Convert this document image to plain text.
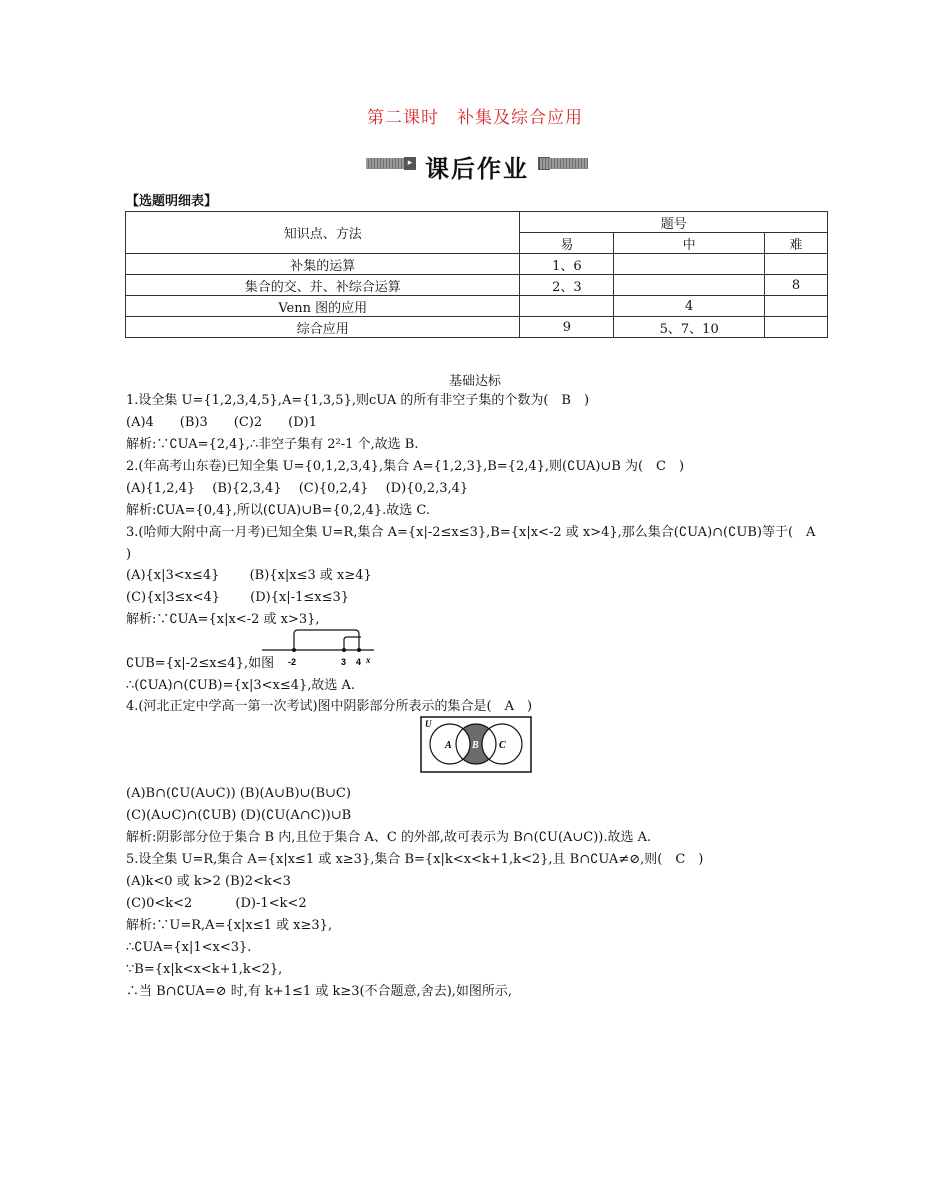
第二课时　补集及综合应用
▸ 课后作业
【选题明细表】
知识点、方法	题号		
	易	中	难
补集的运算	1、6		
集合的交、并、补综合运算	2、3		8
Venn 图的应用		4	
综合应用	9	5、7、10	
基础达标
1.设全集 U={1,2,3,4,5},A={1,3,5},则cUA 的所有非空子集的个数为(　B　)
(A)4　　(B)3　　(C)2　　(D)1
解析:∵∁UA={2,4},∴非空子集有 2²-1 个,故选 B.
2.(年高考山东卷)已知全集 U={0,1,2,3,4},集合 A={1,2,3},B={2,4},则(∁UA)∪B 为(　C　)
(A){1,2,4}　 (B){2,3,4}　 (C){0,2,4}　 (D){0,2,3,4}
解析:∁UA={0,4},所以(∁UA)∪B={0,2,4}.故选 C.
3.(哈师大附中高一月考)已知全集 U=R,集合 A={x|-2≤x≤3},B={x|x<-2 或 x>4},那么集合(∁UA)∩(∁UB)等于(　A
)
(A){x|3<x≤4}　　 (B){x|x≤3 或 x≥4}
(C){x|3≤x<4}　　 (D){x|-1≤x≤3}
解析:∵∁UA={x|x<-2 或 x>3},
-2	3 4 x
∁UB={x|-2≤x≤4},如图
∴(∁UA)∩(∁UB)={x|3<x≤4},故选 A.
4.(河北正定中学高一第一次考试)图中阴影部分所表示的集合是(　A　)
U
A B C
(A)B∩(∁U(A∪C)) (B)(A∪B)∪(B∪C)
(C)(A∪C)∩(∁UB) (D)(∁U(A∩C))∪B
解析:阴影部分位于集合 B 内,且位于集合 A、C 的外部,故可表示为 B∩(∁U(A∪C)).故选 A.
5.设全集 U=R,集合 A={x|x≤1 或 x≥3},集合 B={x|k<x<k+1,k<2},且 B∩∁UA≠⊘,则(　C　)
(A)k<0 或 k>2 (B)2<k<3
(C)0<k<2　　　 (D)-1<k<2
解析:∵U=R,A={x|x≤1 或 x≥3},
∴∁UA={x|1<x<3}.
∵B={x|k<x<k+1,k<2},
∴当 B∩∁UA=⊘ 时,有 k+1≤1 或 k≥3(不合题意,舍去),如图所示,
